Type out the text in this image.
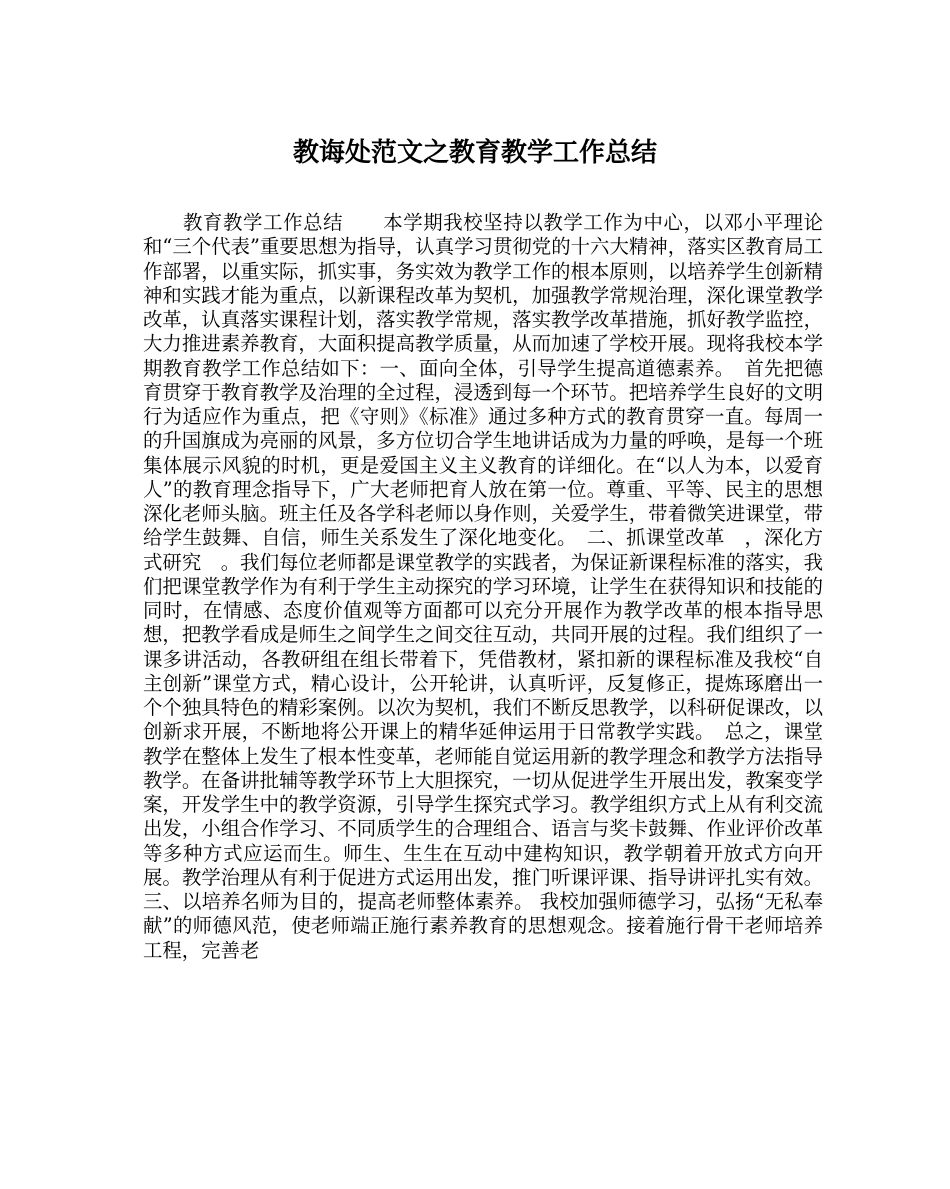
教诲处范文之教育教学工作总结

教育教学工作总结　　本学期我校坚持以教学工作为中心，以邓小平理论和“三个代表”重要思想为指导，认真学习贯彻党的十六大精神，落实区教育局工作部署，以重实际，抓实事，务实效为教学工作的根本原则，以培养学生创新精神和实践才能为重点，以新课程改革为契机，加强教学常规治理，深化课堂教学改革，认真落实课程计划，落实教学常规，落实教学改革措施，抓好教学监控，大力推进素养教育，大面积提高教学质量，从而加速了学校开展。现将我校本学期教育教学工作总结如下：一、面向全体，引导学生提高道德素养。　首先把德育贯穿于教育教学及治理的全过程，浸透到每一个环节。把培养学生良好的文明行为适应作为重点，把《守则》《标准》通过多种方式的教育贯穿一直。每周一的升国旗成为亮丽的风景，多方位切合学生地讲话成为力量的呼唤，是每一个班集体展示风貌的时机，更是爱国主义主义教育的详细化。在“以人为本，以爱育人”的教育理念指导下，广大老师把育人放在第一位。尊重、平等、民主的思想深化老师头脑。班主任及各学科老师以身作则，关爱学生，带着微笑进课堂，带给学生鼓舞、自信，师生关系发生了深化地变化。　二、抓课堂改革　，深化方式研究　。我们每位老师都是课堂教学的实践者，为保证新课程标准的落实，我们把课堂教学作为有利于学生主动探究的学习环境，让学生在获得知识和技能的同时，在情感、态度价值观等方面都可以充分开展作为教学改革的根本指导思想，把教学看成是师生之间学生之间交往互动，共同开展的过程。我们组织了一课多讲活动，各教研组在组长带着下，凭借教材，紧扣新的课程标准及我校“自主创新”课堂方式，精心设计，公开轮讲，认真听评，反复修正，提炼琢磨出一个个独具特色的精彩案例。以次为契机，我们不断反思教学，以科研促课改，以创新求开展，不断地将公开课上的精华延伸运用于日常教学实践。　总之，课堂教学在整体上发生了根本性变革，老师能自觉运用新的教学理念和教学方法指导教学。在备讲批辅等教学环节上大胆探究，一切从促进学生开展出发，教案变学案，开发学生中的教学资源，引导学生探究式学习。教学组织方式上从有利交流出发，小组合作学习、不同质学生的合理组合、语言与奖卡鼓舞、作业评价改革等多种方式应运而生。师生、生生在互动中建构知识，教学朝着开放式方向开展。教学治理从有利于促进方式运用出发，推门听课评课、指导讲评扎实有效。 三、以培养名师为目的，提高老师整体素养。 我校加强师德学习，弘扬“无私奉献”的师德风范，使老师端正施行素养教育的思想观念。接着施行骨干老师培养工程，完善老
